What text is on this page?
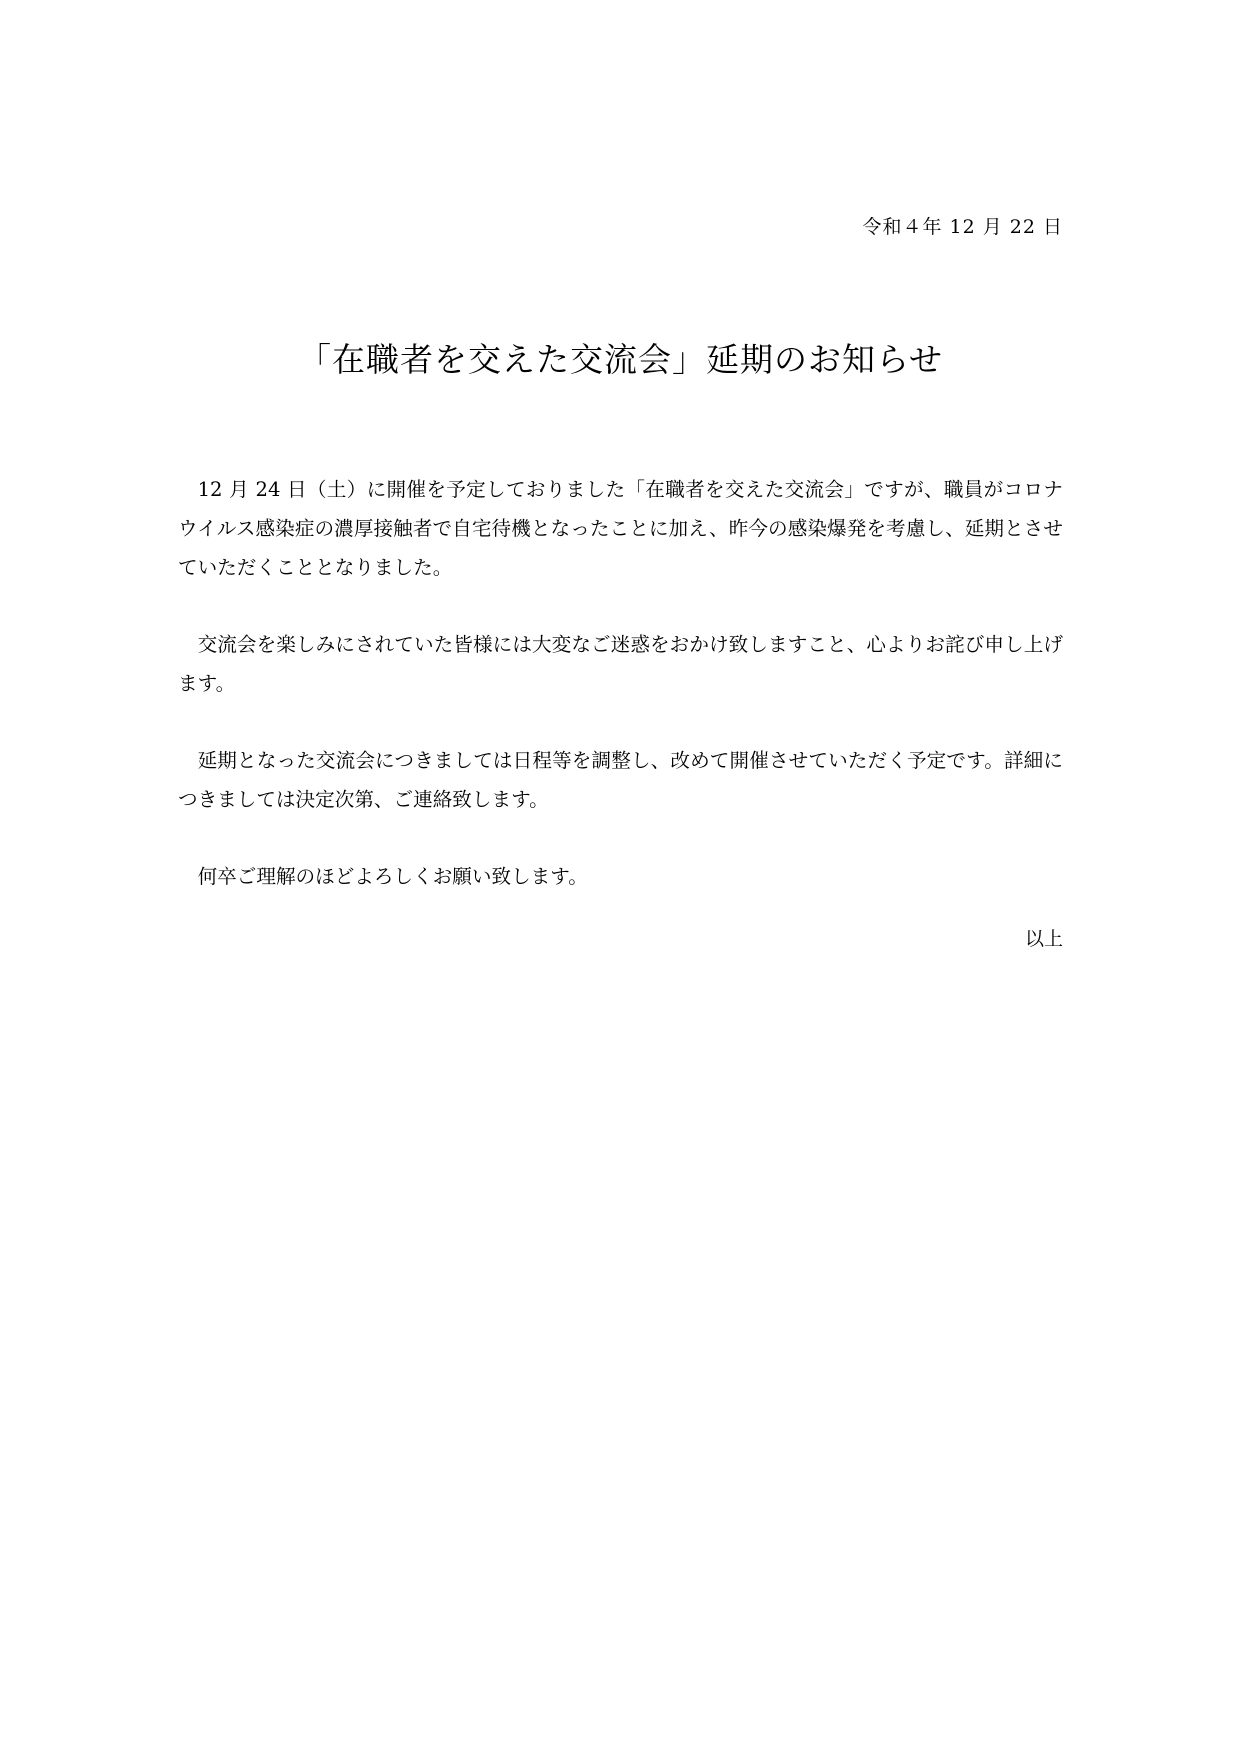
令和４年 12 月 22 日
「在職者を交えた交流会」延期のお知らせ

12 月 24 日（土）に開催を予定しておりました「在職者を交えた交流会」ですが、職員がコロナウイルス感染症の濃厚接触者で自宅待機となったことに加え、昨今の感染爆発を考慮し、延期とさせていただくこととなりました。

交流会を楽しみにされていた皆様には大変なご迷惑をおかけ致しますこと、心よりお詫び申し上げます。

延期となった交流会につきましては日程等を調整し、改めて開催させていただく予定です。詳細につきましては決定次第、ご連絡致します。

何卒ご理解のほどよろしくお願い致します。

以上
